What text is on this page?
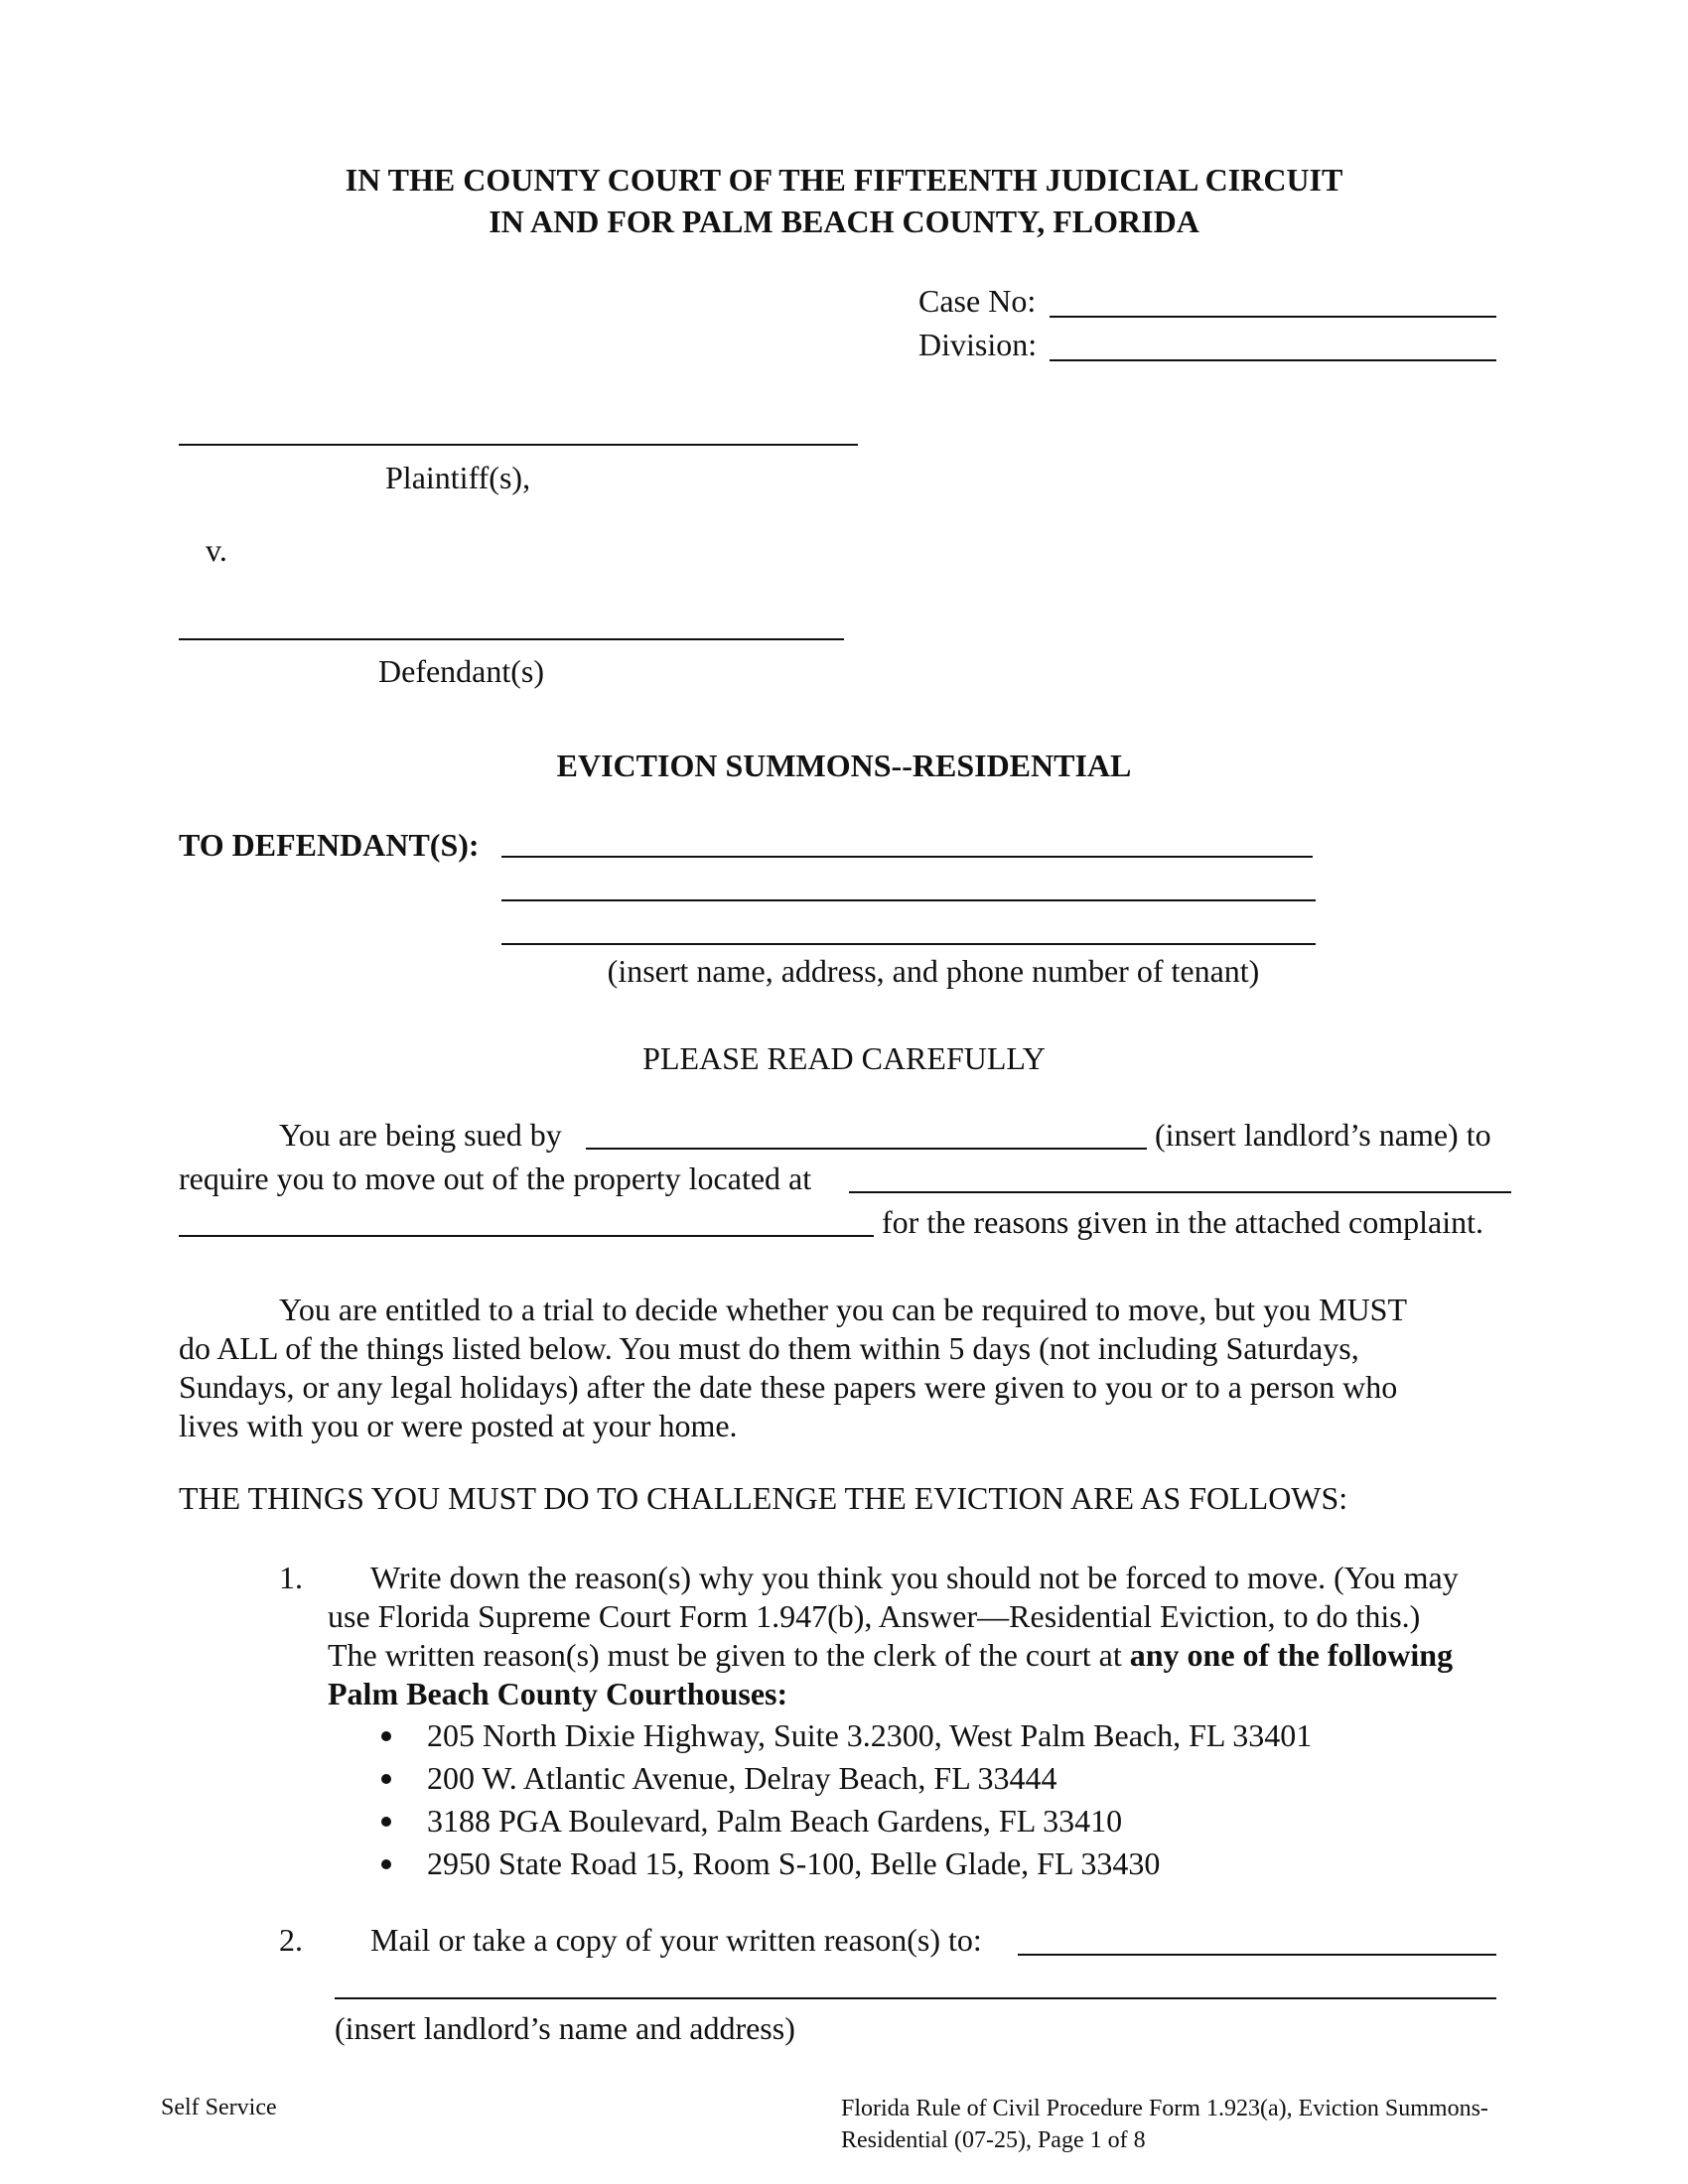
IN THE COUNTY COURT OF THE FIFTEENTH JUDICIAL CIRCUIT
IN AND FOR PALM BEACH COUNTY, FLORIDA
Case No:
Division:
Plaintiff(s),
v.
Defendant(s)
EVICTION SUMMONS--RESIDENTIAL
TO DEFENDANT(S):
(insert name, address, and phone number of tenant)
PLEASE READ CAREFULLY
You are being sued by	(insert landlord’s name) to
require you to move out of the property located at
for the reasons given in the attached complaint.
You are entitled to a trial to decide whether you can be required to move, but you MUST
do ALL of the things listed below. You must do them within 5 days (not including Saturdays,
Sundays, or any legal holidays) after the date these papers were given to you or to a person who
lives with you or were posted at your home.
THE THINGS YOU MUST DO TO CHALLENGE THE EVICTION ARE AS FOLLOWS:
1. Write down the reason(s) why you think you should not be forced to move. (You may
use Florida Supreme Court Form 1.947(b), Answer—Residential Eviction, to do this.)
The written reason(s) must be given to the clerk of the court at any one of the following
Palm Beach County Courthouses:
205 North Dixie Highway, Suite 3.2300, West Palm Beach, FL 33401
200 W. Atlantic Avenue, Delray Beach, FL 33444
3188 PGA Boulevard, Palm Beach Gardens, FL 33410
2950 State Road 15, Room S-100, Belle Glade, FL 33430
2. Mail or take a copy of your written reason(s) to:
(insert landlord’s name and address)
Self Service	Florida Rule of Civil Procedure Form 1.923(a), Eviction Summons-
Residential (07-25), Page 1 of 8
